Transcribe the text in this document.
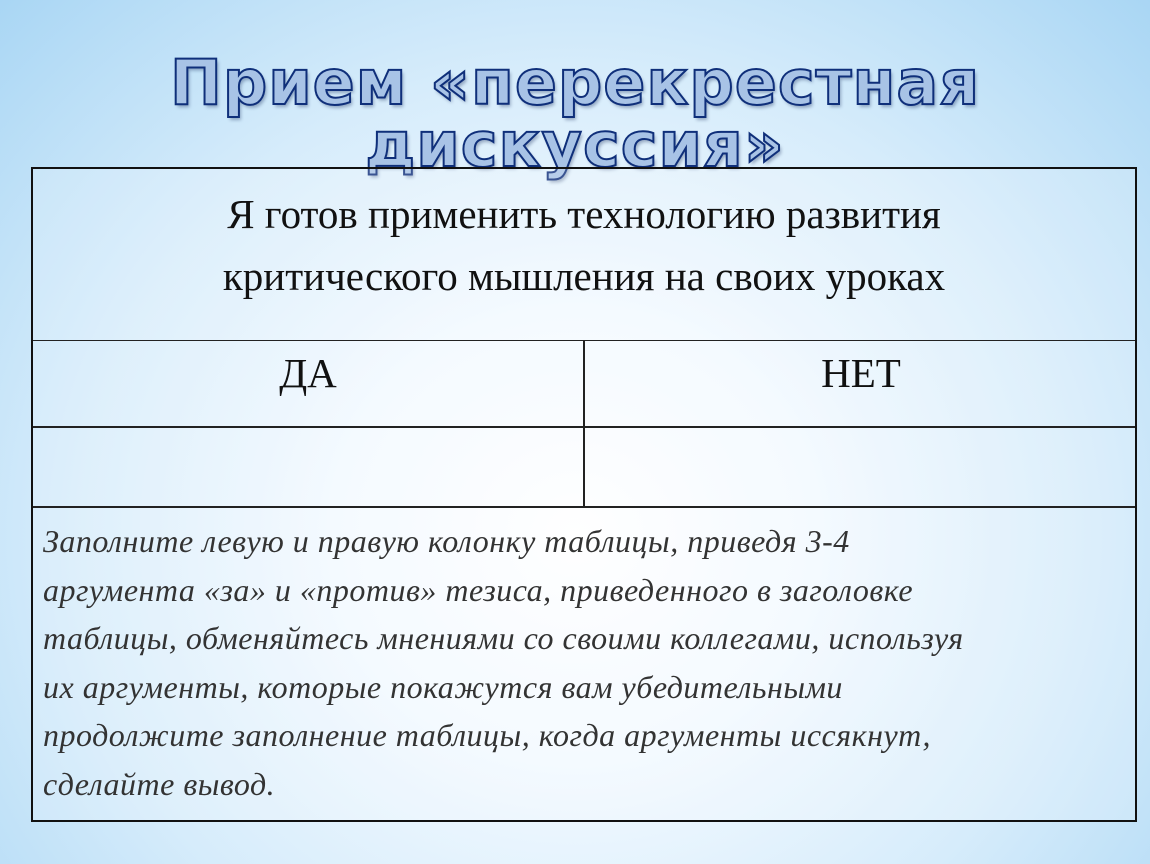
Прием «перекрестная дискуссия»
Я готов применить технологию развития
критического мышления на своих уроках
ДА	НЕТ

Заполните левую и правую колонку таблицы, приведя 3-4
аргумента «за» и «против» тезиса, приведенного в заголовке
таблицы, обменяйтесь мнениями со своими коллегами, используя
их аргументы, которые покажутся вам убедительными
продолжите заполнение таблицы, когда аргументы иссякнут,
сделайте вывод.
